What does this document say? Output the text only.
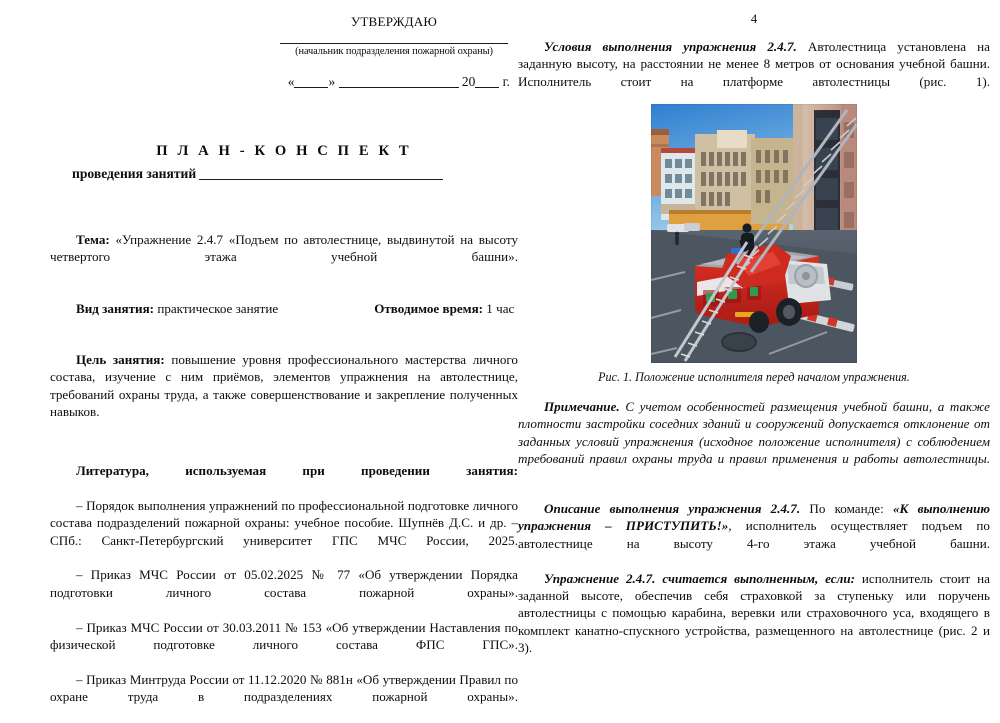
УТВЕРЖДАЮ
(начальник подразделения пожарной охраны)
«	»	20 г.
П Л А Н - К О Н С П Е К Т
проведения занятий

Тема: «Упражнение 2.4.7 «Подъем по автолестнице, выдвинутой на высоту четвертого этажа учебной башни».

Вид занятия: практическое занятие	Отводимое время: 1 час

Цель занятия: повышение уровня профессионального мастерства личного состава, изучение с ним приёмов, элементов упражнения на автолестнице, требований охраны труда, а также совершенствование и закрепление полученных навыков.

Литература, используемая при проведении занятия:

– Порядок выполнения упражнений по профессиональной подготовке личного состава подразделений пожарной охраны: учебное пособие. Шупнёв Д.С. и др. –СПб.: Санкт-Петербургский университет ГПС МЧС России, 2025.

– Приказ МЧС России от 05.02.2025 № 77 «Об утверждении Порядка подготовки личного состава пожарной охраны».

– Приказ МЧС России от 30.03.2011 № 153 «Об утверждении Наставления по физической подготовке личного состава ФПС ГПС».

– Приказ Минтруда России от 11.12.2020 № 881н «Об утверждении Правил по охране труда в подразделениях пожарной охраны».

4

Условия выполнения упражнения 2.4.7. Автолестница установлена на заданную высоту, на расстоянии не менее 8 метров от основания учебной башни. Исполнитель стоит на платформе автолестницы (рис. 1).

Рис. 1. Положение исполнителя перед началом упражнения.

Примечание. С учетом особенностей размещения учебной башни, а также плотности застройки соседних зданий и сооружений допускается отклонение от заданных условий упражнения (исходное положение исполнителя) с соблюдением требований правил охраны труда и правил применения и работы автолестницы.

Описание выполнения упражнения 2.4.7. По команде: «К выполнению упражнения – ПРИСТУПИТЬ!», исполнитель осуществляет подъем по автолестнице на высоту 4-го этажа учебной башни.

Упражнение 2.4.7. считается выполненным, если: исполнитель стоит на заданной высоте, обеспечив себя страховкой за ступеньку или поручень автолестницы с помощью карабина, веревки или страховочного уса, входящего в комплект канатно-спускного устройства, размещенного на автолестнице (рис. 2 и 3).
